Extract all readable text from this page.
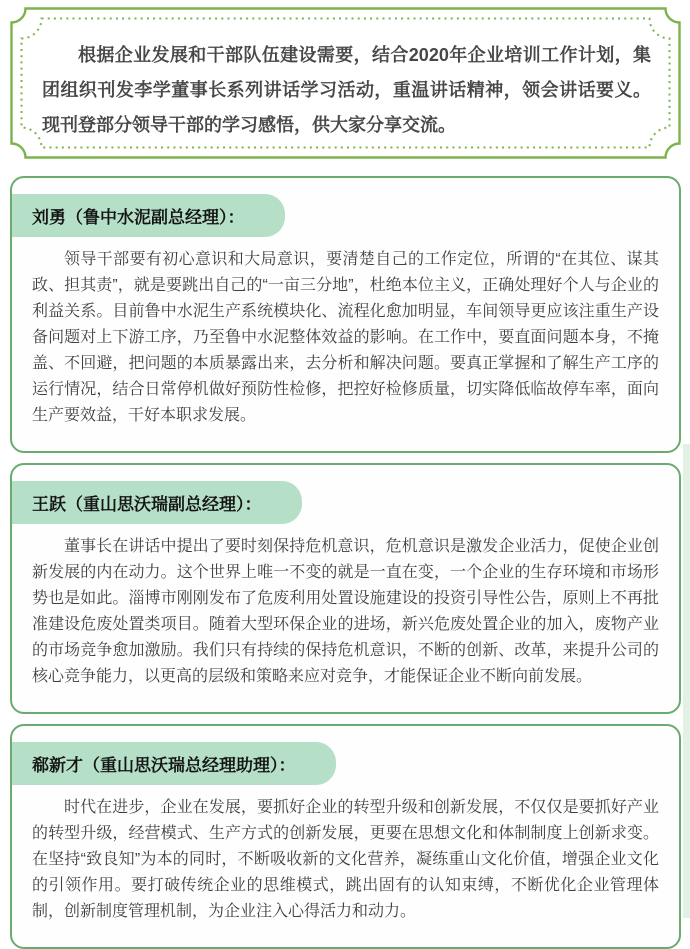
根据企业发展和干部队伍建设需要，结合2020年企业培训工作计划，集团组织刊发李学董事长系列讲话学习活动，重温讲话精神，领会讲话要义。现刊登部分领导干部的学习感悟，供大家分享交流。
刘勇（鲁中水泥副总经理）：
领导干部要有初心意识和大局意识，要清楚自己的工作定位，所谓的“在其位、谋其政、担其责”，就是要跳出自己的“一亩三分地”，杜绝本位主义，正确处理好个人与企业的利益关系。目前鲁中水泥生产系统模块化、流程化愈加明显，车间领导更应该注重生产设备问题对上下游工序，乃至鲁中水泥整体效益的影响。在工作中，要直面问题本身，不掩盖、不回避，把问题的本质暴露出来，去分析和解决问题。要真正掌握和了解生产工序的运行情况，结合日常停机做好预防性检修，把控好检修质量，切实降低临故停车率，面向生产要效益，干好本职求发展。
王跃（重山思沃瑞副总经理）：
董事长在讲话中提出了要时刻保持危机意识，危机意识是激发企业活力，促使企业创新发展的内在动力。这个世界上唯一不变的就是一直在变，一个企业的生存环境和市场形势也是如此。淄博市刚刚发布了危废利用处置设施建设的投资引导性公告，原则上不再批准建设危废处置类项目。随着大型环保企业的进场，新兴危废处置企业的加入，废物产业的市场竞争愈加激励。我们只有持续的保持危机意识，不断的创新、改革，来提升公司的核心竞争能力，以更高的层级和策略来应对竞争，才能保证企业不断向前发展。
郗新才（重山思沃瑞总经理助理）：
时代在进步，企业在发展，要抓好企业的转型升级和创新发展，不仅仅是要抓好产业的转型升级，经营模式、生产方式的创新发展，更要在思想文化和体制制度上创新求变。在坚持“致良知”为本的同时，不断吸收新的文化营养，凝练重山文化价值，增强企业文化的引领作用。要打破传统企业的思维模式，跳出固有的认知束缚，不断优化企业管理体制，创新制度管理机制，为企业注入心得活力和动力。
